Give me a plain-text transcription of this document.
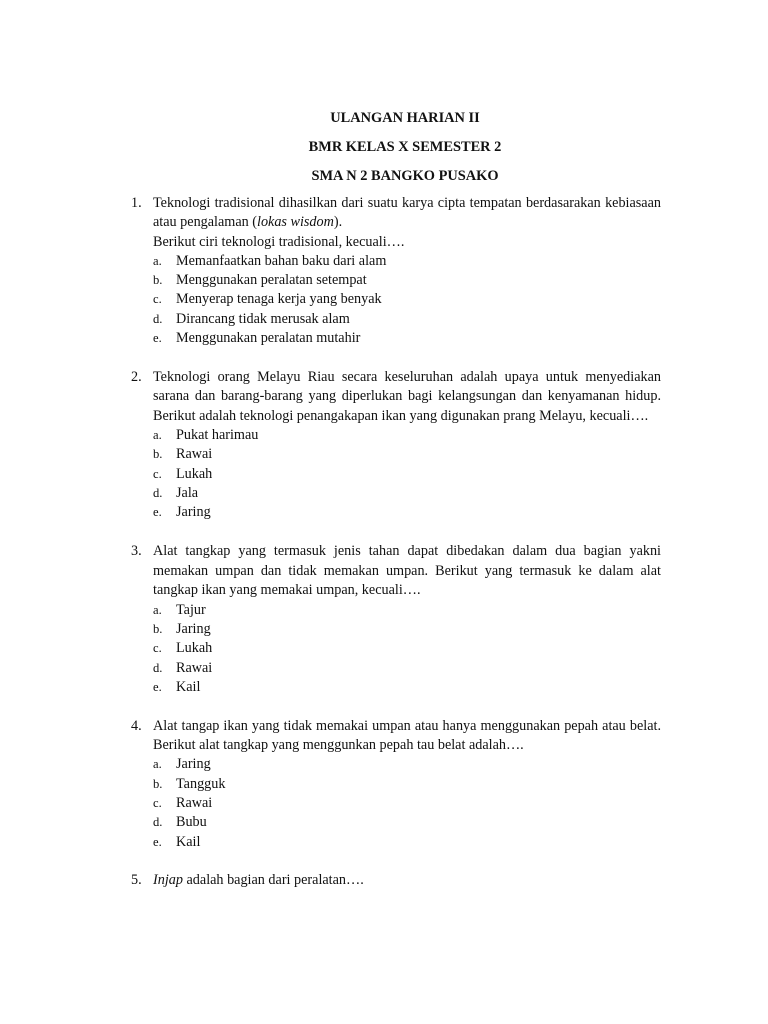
ULANGAN HARIAN II
BMR KELAS X SEMESTER 2
SMA N 2 BANGKO PUSAKO
1. Teknologi tradisional dihasilkan dari suatu karya cipta tempatan berdasarakan kebiasaan atau pengalaman (lokas wisdom).
Berikut ciri teknologi tradisional, kecuali….
a. Memanfaatkan bahan baku dari alam
b. Menggunakan peralatan setempat
c. Menyerap tenaga kerja yang benyak
d. Dirancang tidak merusak alam
e. Menggunakan peralatan mutahir
2. Teknologi orang Melayu Riau secara keseluruhan adalah upaya untuk menyediakan sarana dan barang-barang yang diperlukan bagi kelangsungan dan kenyamanan hidup. Berikut adalah teknologi penangakapan ikan yang digunakan prang Melayu, kecuali….
a. Pukat harimau
b. Rawai
c. Lukah
d. Jala
e. Jaring
3. Alat tangkap yang termasuk jenis tahan dapat dibedakan dalam dua bagian yakni memakan umpan dan tidak memakan umpan. Berikut yang termasuk ke dalam alat tangkap ikan yang memakai umpan, kecuali….
a. Tajur
b. Jaring
c. Lukah
d. Rawai
e. Kail
4. Alat tangap ikan yang tidak memakai umpan atau hanya menggunakan pepah atau belat. Berikut alat tangkap yang menggunkan pepah tau belat adalah….
a. Jaring
b. Tangguk
c. Rawai
d. Bubu
e. Kail
5. Injap adalah bagian dari peralatan….
